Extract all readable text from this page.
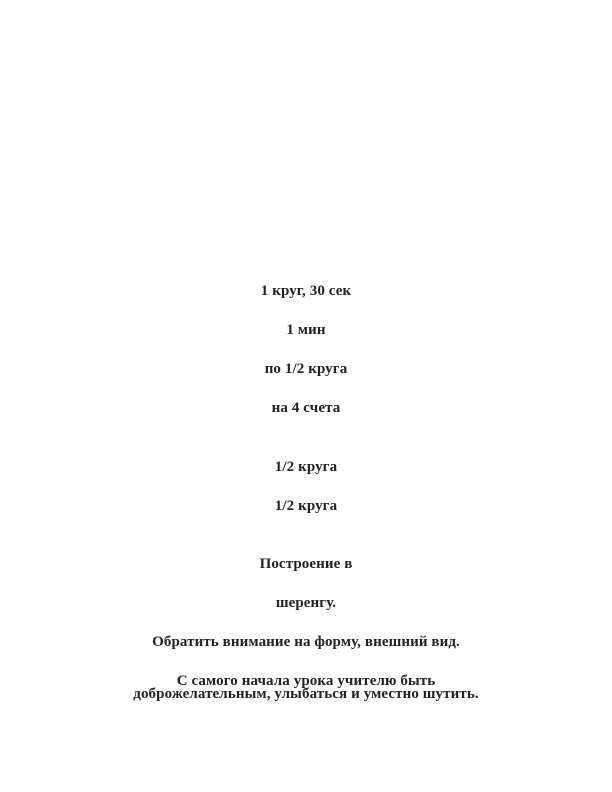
1 круг, 30 сек
1 мин
по 1/2 круга
на 4 счета
1/2 круга
1/2 круга
Построение в
шеренгу.
Обратить внимание на форму, внешний вид.
С самого начала урока учителю быть
доброжелательным, улыбаться и уместно шутить.
